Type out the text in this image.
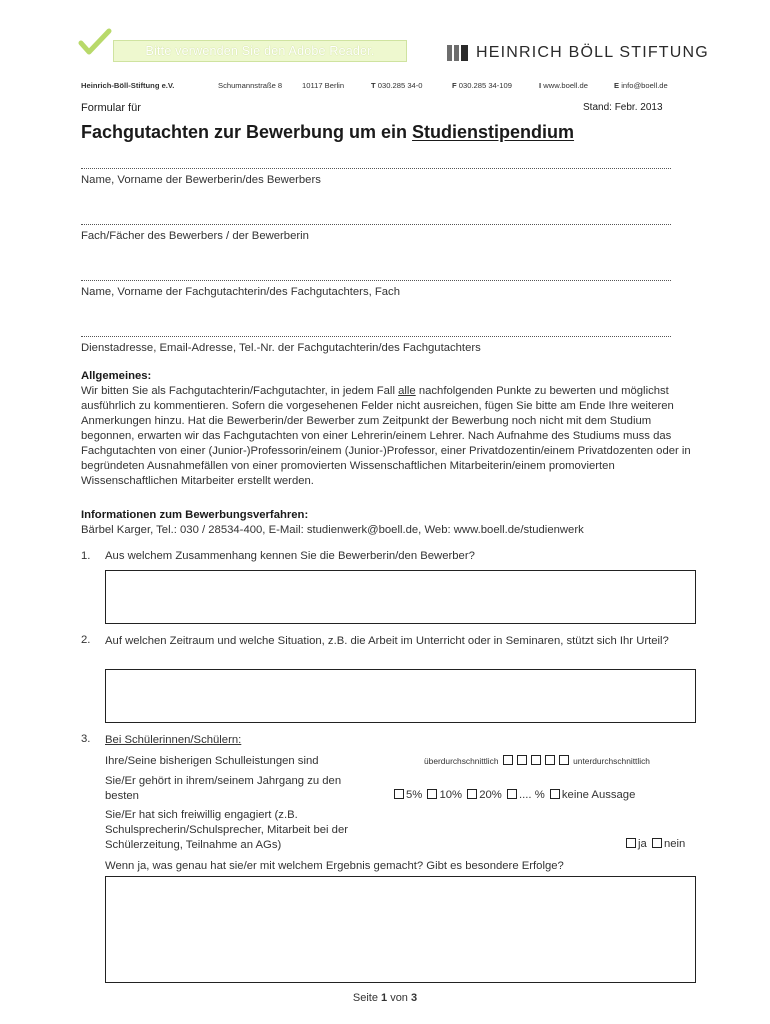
Bitte verwenden Sie den Adobe Reader.	HEINRICH BÖLL STIFTUNG
Heinrich-Böll-Stiftung e.V.	Schumannstraße 8	10117 Berlin	T 030.285 34-0	F 030.285 34-109	I www.boell.de	E info@boell.de
Formular für	Stand: Febr. 2013
Fachgutachten zur Bewerbung um ein Studienstipendium
Name, Vorname der Bewerberin/des Bewerbers
Fach/Fächer des Bewerbers / der Bewerberin
Name, Vorname der Fachgutachterin/des Fachgutachters, Fach
Dienstadresse, Email-Adresse, Tel.-Nr. der Fachgutachterin/des Fachgutachters
Allgemeines:
Wir bitten Sie als Fachgutachterin/Fachgutachter, in jedem Fall alle nachfolgenden Punkte zu bewerten und möglichst ausführlich zu kommentieren. Sofern die vorgesehenen Felder nicht ausreichen, fügen Sie bitte am Ende Ihre weiteren Anmerkungen hinzu. Hat die Bewerberin/der Bewerber zum Zeitpunkt der Bewerbung noch nicht mit dem Studium begonnen, erwarten wir das Fachgutachten von einer Lehrerin/einem Lehrer. Nach Aufnahme des Studiums muss das Fachgutachten von einer (Junior-)Professorin/einem (Junior-)Professor, einer Privatdozentin/einem Privatdozenten oder in begründeten Ausnahmefällen von einer promovierten Wissenschaftlichen Mitarbeiterin/einem promovierten Wissenschaftlichen Mitarbeiter erstellt werden.
Informationen zum Bewerbungsverfahren:
Bärbel Karger, Tel.: 030 / 28534-400, E-Mail: studienwerk@boell.de, Web: www.boell.de/studienwerk
1. Aus welchem Zusammenhang kennen Sie die Bewerberin/den Bewerber?
2.	Auf welchen Zeitraum und welche Situation, z.B. die Arbeit im Unterricht oder in Seminaren, stützt sich Ihr Urteil?
3.	Bei Schülerinnen/Schülern:
Ihre/Seine bisherigen Schulleistungen sind	überdurchschnittlich	unterdurchschnittlich
Sie/Er gehört in ihrem/seinem Jahrgang zu den besten	5% 10% 20% .... % keine Aussage
Sie/Er hat sich freiwillig engagiert (z.B. Schulsprecherin/Schulsprecher, Mitarbeit bei der Schülerzeitung, Teilnahme an AGs)	ja nein
Wenn ja, was genau hat sie/er mit welchem Ergebnis gemacht? Gibt es besondere Erfolge?
Seite 1 von 3
